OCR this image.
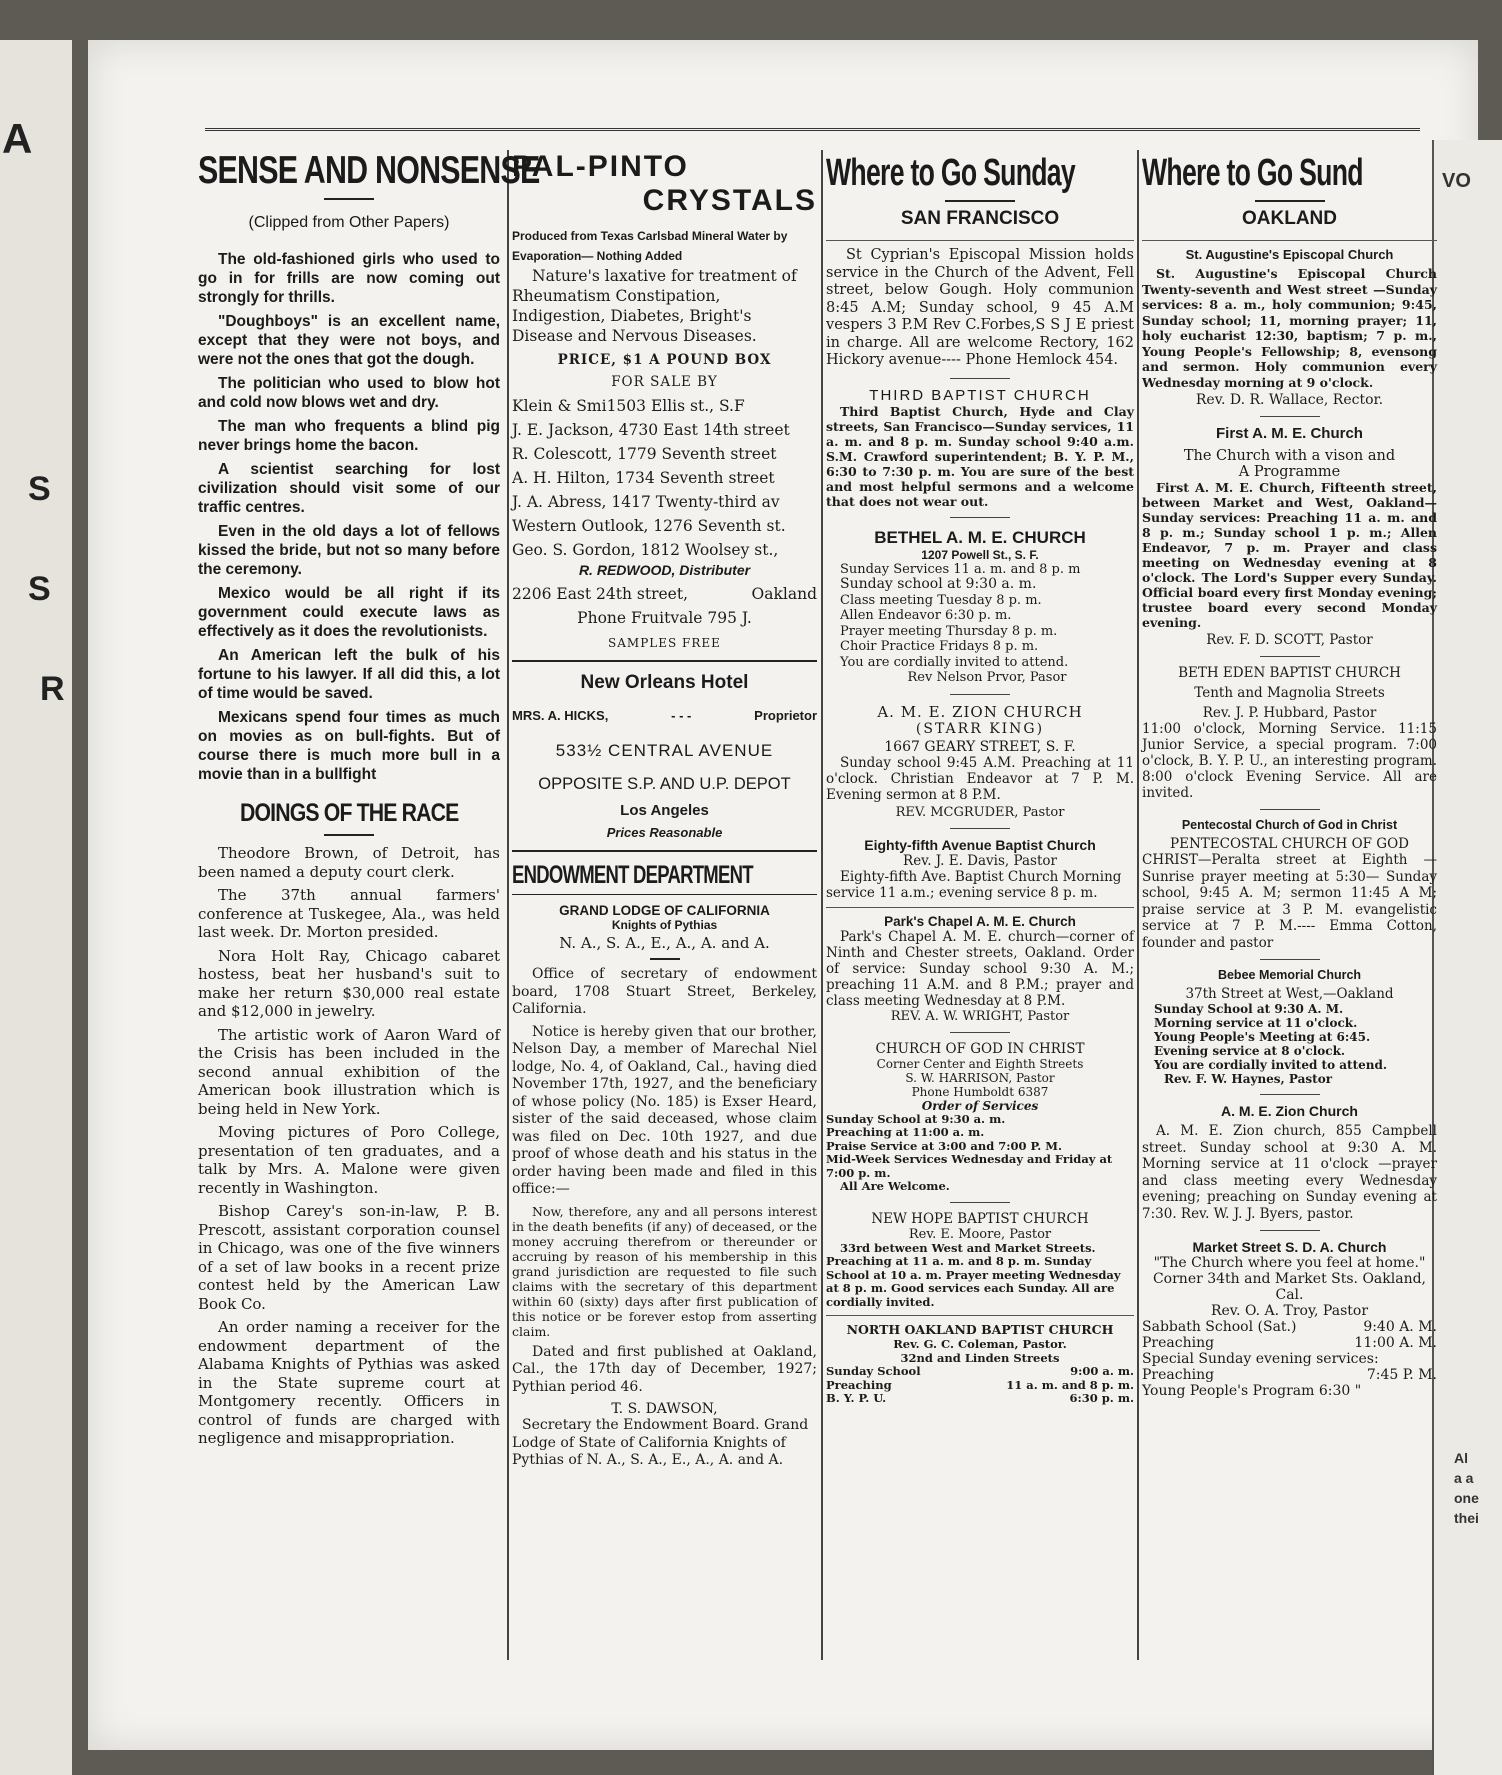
A
S
S
R
VO
Al
a a
one
thei
SENSE AND NONSENSE

(Clipped from Other Papers)

The old-fashioned girls who used to go in for frills are now coming out strongly for thrills.

"Doughboys" is an excellent name, except that they were not boys, and were not the ones that got the dough.

The politician who used to blow hot and cold now blows wet and dry.

The man who frequents a blind pig never brings home the bacon.

A scientist searching for lost civilization should visit some of our traffic centres.

Even in the old days a lot of fellows kissed the bride, but not so many before the ceremony.

Mexico would be all right if its government could execute laws as effectively as it does the revolutionists.

An American left the bulk of his fortune to his lawyer. If all did this, a lot of time would be saved.

Mexicans spend four times as much on movies as on bull-fights. But of course there is much more bull in a movie than in a bullfight

DOINGS OF THE RACE

Theodore Brown, of Detroit, has been named a deputy court clerk.

The 37th annual farmers' conference at Tuskegee, Ala., was held last week. Dr. Morton presided.

Nora Holt Ray, Chicago cabaret hostess, beat her husband's suit to make her return $30,000 real estate and $12,000 in jewelry.

The artistic work of Aaron Ward of the Crisis has been included in the second annual exhibition of the American book illustration which is being held in New York.

Moving pictures of Poro College, presentation of ten graduates, and a talk by Mrs. A. Malone were given recently in Washington.

Bishop Carey's son-in-law, P. B. Prescott, assistant corporation counsel in Chicago, was one of the five winners of a set of law books in a recent prize contest held by the American Law Book Co.

An order naming a receiver for the endowment department of the Alabama Knights of Pythias was asked in the State supreme court at Montgomery recently. Officers in control of funds are charged with negligence and misappropriation.

PAL-PINTO
CRYSTALS

Produced from Texas Carlsbad Mineral Water by Evaporation— Nothing Added

Nature's laxative for treatment of Rheumatism Constipation, Indigestion, Diabetes, Bright's Disease and Nervous Diseases.

PRICE, $1 A POUND BOX

FOR SALE BY

Klein & Smi1503 Ellis st., S.F

J. E. Jackson, 4730 East 14th street

R. Colescott, 1779 Seventh street

A. H. Hilton, 1734 Seventh street

J. A. Abress, 1417 Twenty-third av

Western Outlook, 1276 Seventh st.

Geo. S. Gordon, 1812 Woolsey st.,

R. REDWOOD, Distributer

2206 East 24th street,	Oakland

Phone Fruitvale 795 J.

SAMPLES FREE

New Orleans Hotel

MRS. A. HICKS,	- - -	Proprietor

533½ CENTRAL AVENUE

OPPOSITE S.P. AND U.P. DEPOT

Los Angeles

Prices Reasonable

ENDOWMENT DEPARTMENT

GRAND LODGE OF CALIFORNIA

Knights of Pythias

N. A., S. A., E., A., A. and A.

Office of secretary of endowment board, 1708 Stuart Street, Berkeley, California.

Notice is hereby given that our brother, Nelson Day, a member of Marechal Niel lodge, No. 4, of Oakland, Cal., having died November 17th, 1927, and the beneficiary of whose policy (No. 185) is Exser Heard, sister of the said deceased, whose claim was filed on Dec. 10th 1927, and due proof of whose death and his status in the order having been made and filed in this office:—

Now, therefore, any and all persons interest in the death benefits (if any) of deceased, or the money accruing therefrom or thereunder or accruing by reason of his membership in this grand jurisdiction are requested to file such claims with the secretary of this department within 60 (sixty) days after first publication of this notice or be forever estop from asserting claim.

Dated and first published at Oakland, Cal., the 17th day of December, 1927; Pythian period 46.

T. S. DAWSON,

Secretary the Endowment Board. Grand Lodge of State of California Knights of Pythias of N. A., S. A., E., A., A. and A.

Where to Go Sunday

SAN FRANCISCO

St Cyprian's Episcopal Mission holds service in the Church of the Advent, Fell street, below Gough. Holy communion 8:45 A.M; Sunday school, 9 45 A.M vespers 3 P.M Rev C.Forbes,S S J E priest in charge. All are welcome Rectory, 162 Hickory avenue---- Phone Hemlock 454.

THIRD BAPTIST CHURCH

Third Baptist Church, Hyde and Clay streets, San Francisco—Sunday services, 11 a. m. and 8 p. m. Sunday school 9:40 a.m. S.M. Crawford superintendent; B. Y. P. M., 6:30 to 7:30 p. m. You are sure of the best and most helpful sermons and a welcome that does not wear out.

BETHEL A. M. E. CHURCH

1207 Powell St., S. F.

Sunday Services 11 a. m. and 8 p. m

Sunday school at 9:30 a. m.

Class meeting Tuesday 8 p. m.

Allen Endeavor 6:30 p. m.

Prayer meeting Thursday 8 p. m.

Choir Practice Fridays 8 p. m.

You are cordially invited to attend.

Rev Nelson Prvor, Pasor

A. M. E. ZION CHURCH

(STARR KING)

1667 GEARY STREET, S. F.

Sunday school 9:45 A.M. Preaching at 11 o'clock. Christian Endeavor at 7 P. M. Evening sermon at 8 P.M.

REV. MCGRUDER, Pastor

Eighty-fifth Avenue Baptist Church

Rev. J. E. Davis, Pastor

Eighty-fifth Ave. Baptist Church Morning service 11 a.m.; evening service 8 p. m.

Park's Chapel A. M. E. Church

Park's Chapel A. M. E. church—corner of Ninth and Chester streets, Oakland. Order of service: Sunday school 9:30 A. M.; preaching 11 A.M. and 8 P.M.; prayer and class meeting Wednesday at 8 P.M.

REV. A. W. WRIGHT, Pastor

CHURCH OF GOD IN CHRIST

Corner Center and Eighth Streets

S. W. HARRISON, Pastor

Phone Humboldt 6387

Order of Services

Sunday School at 9:30 a. m.

Preaching at 11:00 a. m.

Praise Service at 3:00 and 7:00 P. M.

Mid-Week Services Wednesday and Friday at 7:00 p. m.

All Are Welcome.

NEW HOPE BAPTIST CHURCH

Rev. E. Moore, Pastor

33rd between West and Market Streets. Preaching at 11 a. m. and 8 p. m. Sunday School at 10 a. m. Prayer meeting Wednesday at 8 p. m. Good services each Sunday. All are cordially invited.

NORTH OAKLAND BAPTIST CHURCH

Rev. G. C. Coleman, Pastor.

32nd and Linden Streets

Sunday School	9:00 a. m.

Preaching	11 a. m. and 8 p. m.

B. Y. P. U.	6:30 p. m.

Where to Go Sund

OAKLAND

St. Augustine's Episcopal Church

St. Augustine's Episcopal Church Twenty-seventh and West street —Sunday services: 8 a. m., holy communion; 9:45, Sunday school; 11, morning prayer; 11, holy eucharist 12:30, baptism; 7 p. m., Young People's Fellowship; 8, evensong and sermon. Holy communion every Wednesday morning at 9 o'clock.

Rev. D. R. Wallace, Rector.

First A. M. E. Church

The Church with a vison and

A Programme

First A. M. E. Church, Fifteenth street, between Market and West, Oakland—Sunday services: Preaching 11 a. m. and 8 p. m.; Sunday school 1 p. m.; Allen Endeavor, 7 p. m. Prayer and class meeting on Wednesday evening at 8 o'clock. The Lord's Supper every Sunday. Official board every first Monday evening; trustee board every second Monday evening.

Rev. F. D. SCOTT, Pastor

BETH EDEN BAPTIST CHURCH

Tenth and Magnolia Streets

Rev. J. P. Hubbard, Pastor

11:00 o'clock, Morning Service. 11:15 Junior Service, a special program. 7:00 o'clock, B. Y. P. U., an interesting program. 8:00 o'clock Evening Service. All are invited.

Pentecostal Church of God in Christ

PENTECOSTAL CHURCH OF GOD

CHRIST—Peralta street at Eighth —Sunrise prayer meeting at 5:30— Sunday school, 9:45 A. M; sermon 11:45 A M; praise service at 3 P. M. evangelistic service at 7 P. M.---- Emma Cotton, founder and pastor

Bebee Memorial Church

37th Street at West,—Oakland

Sunday School at 9:30 A. M.

Morning service at 11 o'clock.

Young People's Meeting at 6:45.

Evening service at 8 o'clock.

You are cordially invited to attend.

Rev. F. W. Haynes, Pastor

A. M. E. Zion Church

A. M. E. Zion church, 855 Campbell street. Sunday school at 9:30 A. M. Morning service at 11 o'clock —prayer and class meeting every Wednesday evening; preaching on Sunday evening at 7:30. Rev. W. J. J. Byers, pastor.

Market Street S. D. A. Church

"The Church where you feel at home."

Corner 34th and Market Sts. Oakland, Cal.

Rev. O. A. Troy, Pastor

Sabbath School (Sat.)	9:40 A. M.

Preaching	11:00 A. M.

Special Sunday evening services:

Preaching	7:45 P. M.

Young People's Program 6:30 "
